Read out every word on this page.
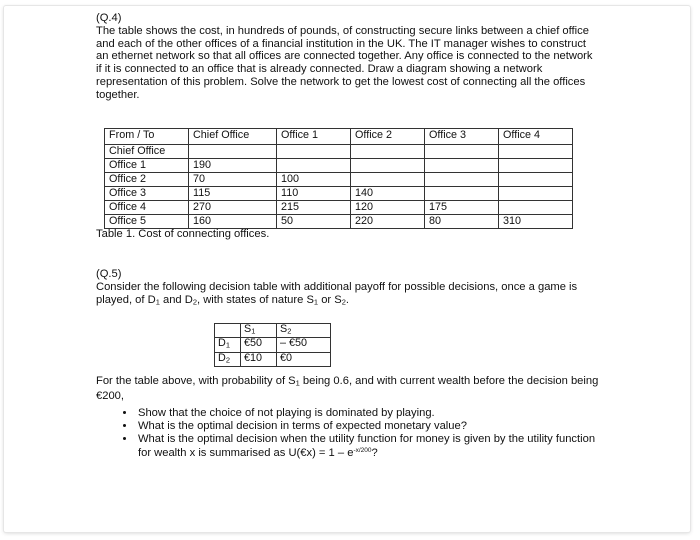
(Q.4)

The table shows the cost, in hundreds of pounds, of constructing secure links between a chief office

and each of the other offices of a financial institution in the UK. The IT manager wishes to construct

an ethernet network so that all offices are connected together. Any office is connected to the network

if it is connected to an office that is already connected. Draw a diagram showing a network

representation of this problem. Solve the network to get the lowest cost of connecting all the offices

together.

From / To	Chief Office	Office 1	Office 2	Office 3	Office 4
Chief Office					
Office 1	190				
Office 2	70	100			
Office 3	115	110	140		
Office 4	270	215	120	175	
Office 5	160	50	220	80	310
Table 1. Cost of connecting offices.

(Q.5)

Consider the following decision table with additional payoff for possible decisions, once a game is

played, of $D_1$ and $D_2$, with states of nature $S_1$ or $S_2$.

	$S_1$	$S_2$
$D_1$	€50	– €50
$D_2$	€10	€0

For the table above, with probability of $S_1$ being 0.6, and with current wealth before the decision being

€200,

• Show that the choice of not playing is dominated by playing.
• What is the optimal decision in terms of expected monetary value?
• What is the optimal decision when the utility function for money is given by the utility function
for wealth x is summarised as U(€x) = $1 - e^{-x/200}$?
